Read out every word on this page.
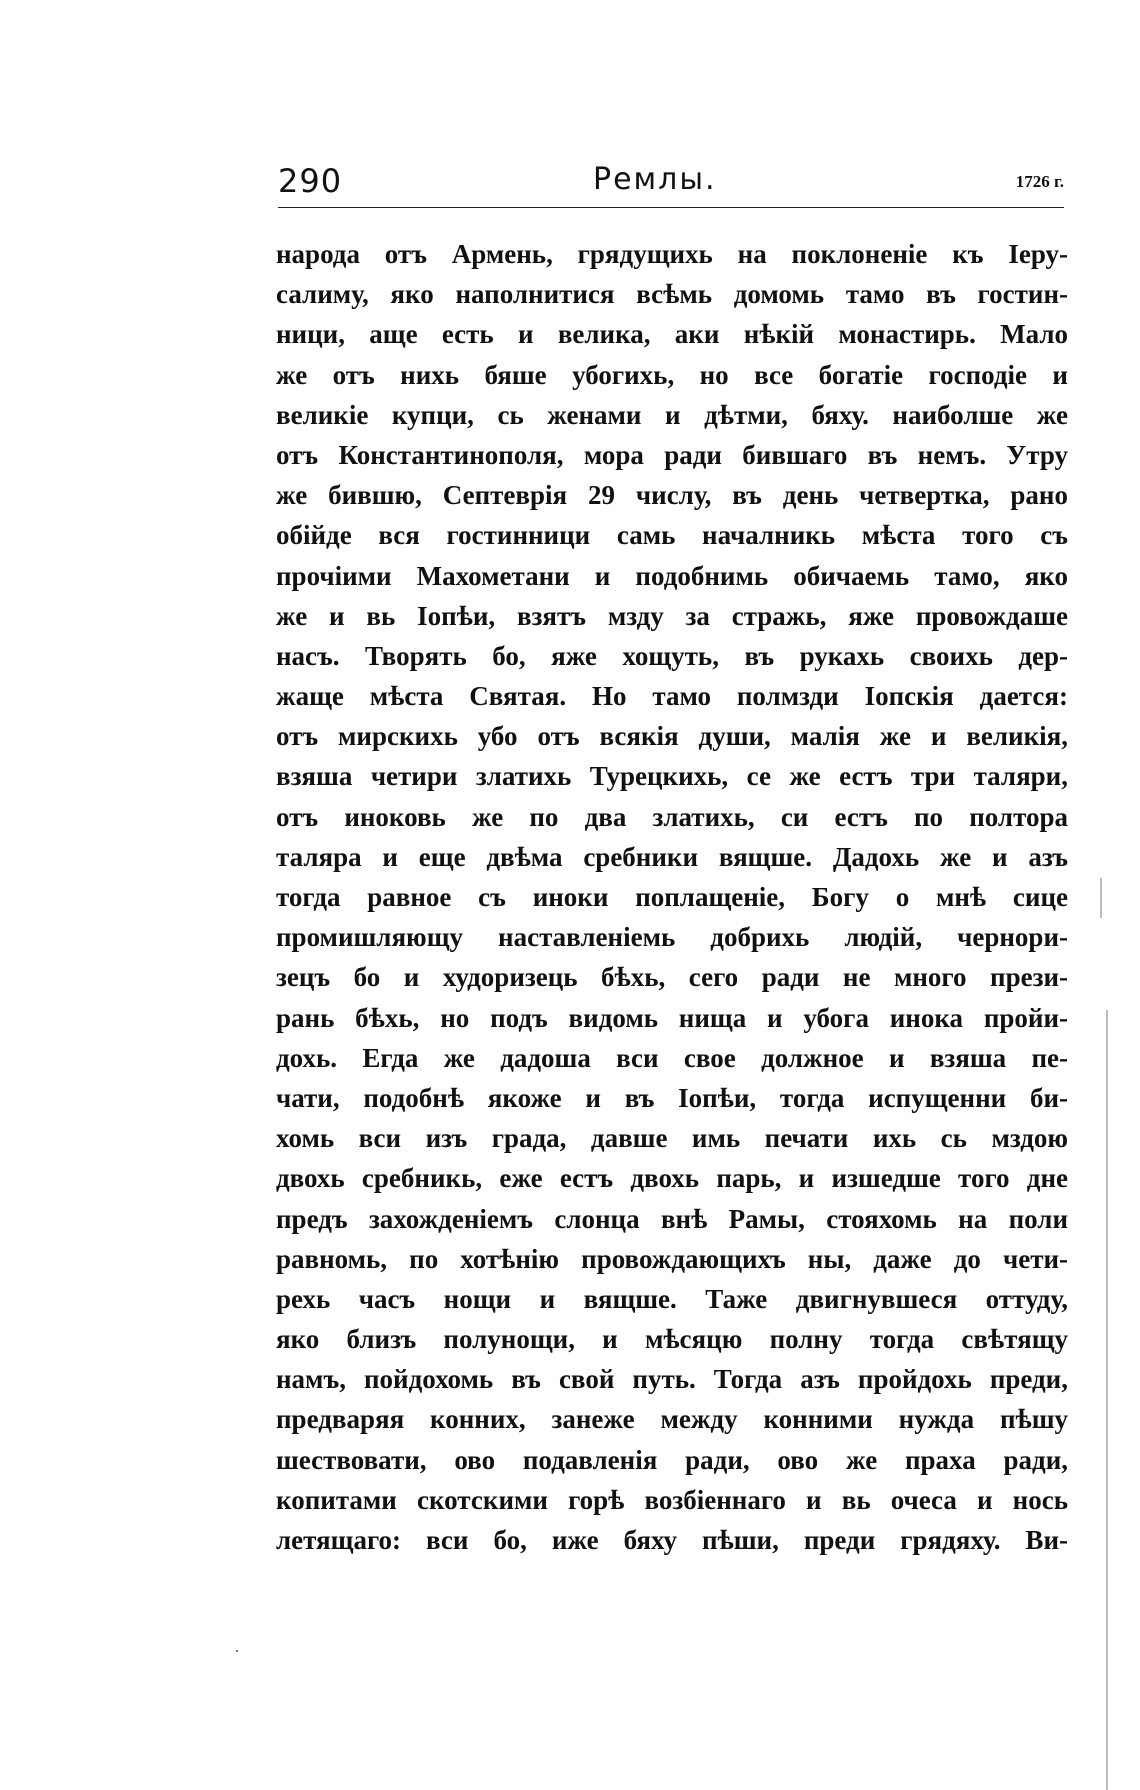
290	Ремлы.	1726 г.
народа отъ Армень, грядущихь на поклоненіе къ Іеру-
салиму, яко наполнитися всѣмь домомь тамо въ гостин-
ници, аще есть и велика, аки нѣкій монастирь. Мало
же отъ нихь бяше убогихь, но все богатіе господіе и
великіе купци, сь женами и дѣтми, бяху. наиболше же
отъ Константинополя, мора ради бившаго въ немъ. Утру
же бившю, Септеврія 29 числу, въ день четвертка, рано
обійде вся гостинници самь началникь мѣста того съ
прочіими Махометани и подобнимь обичаемь тамо, яко
же и вь Іопѣи, взятъ мзду за стражь, яже провождаше
насъ. Творять бо, яже хощуть, въ рукахь своихь дер-
жаще мѣста Святая. Но тамо полмзди Іопскія дается:
отъ мирскихь убо отъ всякія души, малія же и великія,
взяша четири златихь Турецкихь, се же естъ три таляри,
отъ иноковь же по два златихь, си естъ по полтора
таляра и еще двѣма сребники вящше. Дадохь же и азъ
тогда равное съ иноки поплащеніе, Богу о мнѣ сице
промишляющу наставленіемь добрихь людій, чернори-
зецъ бо и худоризець бѣхь, сего ради не много прези-
рань бѣхь, но подъ видомь нища и убога инока пройи-
дохь. Егда же дадоша вси свое должное и взяша пе-
чати, подобнѣ якоже и въ Іопѣи, тогда испущенни би-
хомь вси изъ града, давше имь печати ихь сь мздою
двохь сребникь, еже естъ двохь парь, и изшедше того дне
предъ захожденіемъ слонца внѣ Рамы, стояхомь на поли
равномь, по хотѣнію провождающихъ ны, даже до чети-
рехь часъ нощи и вящше. Таже двигнувшеся оттуду,
яко близъ полунощи, и мѣсяцю полну тогда свѣтящу
намъ, пойдохомь въ свой путь. Тогда азъ пройдохь преди,
предваряя конних, занеже между конними нужда пѣшу
шествовати, ово подавленія ради, ово же праха ради,
копитами скотскими горѣ возбіеннаго и вь очеса и нось
летящаго: вси бо, иже бяху пѣши, преди грядяху. Ви-
